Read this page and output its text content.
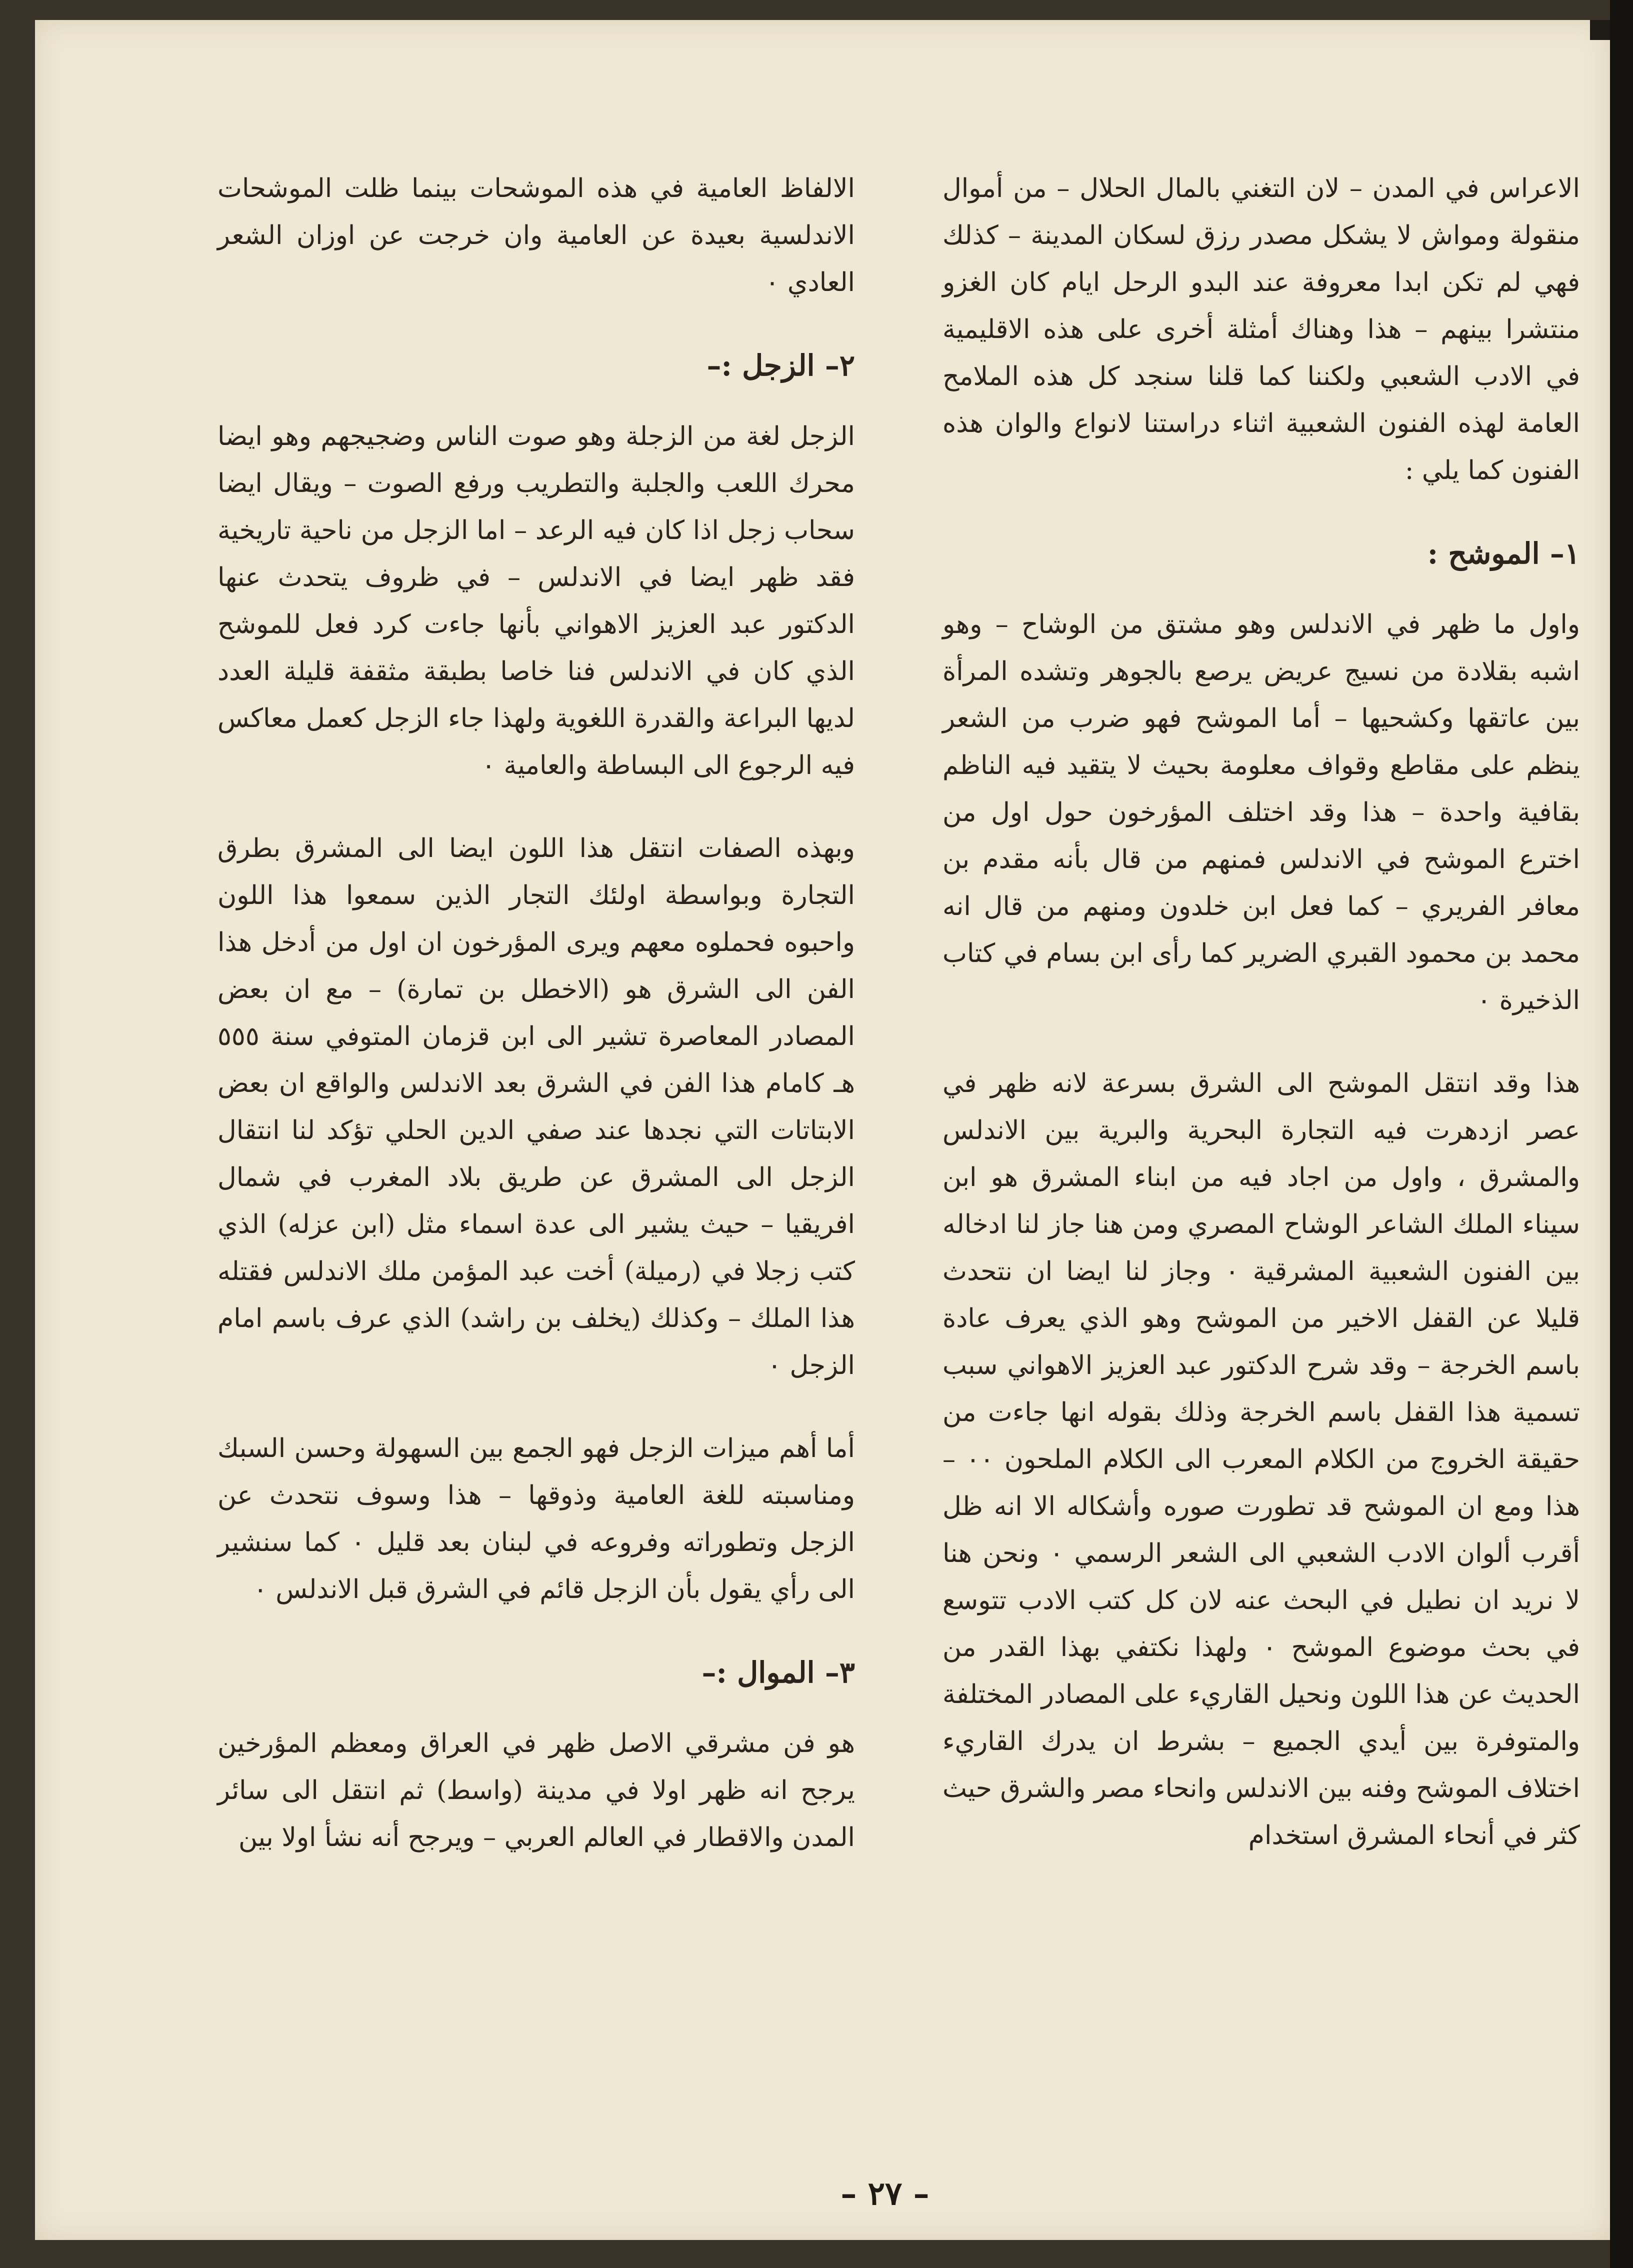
الاعراس في المدن – لان التغني بالمال الحلال – من أموال منقولة ومواش لا يشكل مصدر رزق لسكان المدينة – كذلك فهي لم تكن ابدا معروفة عند البدو الرحل ايام كان الغزو منتشرا بينهم – هذا وهناك أمثلة أخرى على هذه الاقليمية في الادب الشعبي ولكننا كما قلنا سنجد كل هذه الملامح العامة لهذه الفنون الشعبية اثناء دراستنا لانواع والوان هذه الفنون كما يلي :

١– الموشح :

واول ما ظهر في الاندلس وهو مشتق من الوشاح – وهو اشبه بقلادة من نسيج عريض يرصع بالجوهر وتشده المرأة بين عاتقها وكشحيها – أما الموشح فهو ضرب من الشعر ينظم على مقاطع وقواف معلومة بحيث لا يتقيد فيه الناظم بقافية واحدة – هذا وقد اختلف المؤرخون حول اول من اخترع الموشح في الاندلس فمنهم من قال بأنه مقدم بن معافر الفريري – كما فعل ابن خلدون ومنهم من قال انه محمد بن محمود القبري الضرير كما رأى ابن بسام في كتاب الذخيرة ٠

هذا وقد انتقل الموشح الى الشرق بسرعة لانه ظهر في عصر ازدهرت فيه التجارة البحرية والبرية بين الاندلس والمشرق ، واول من اجاد فيه من ابناء المشرق هو ابن سيناء الملك الشاعر الوشاح المصري ومن هنا جاز لنا ادخاله بين الفنون الشعبية المشرقية ٠ وجاز لنا ايضا ان نتحدث قليلا عن القفل الاخير من الموشح وهو الذي يعرف عادة باسم الخرجة – وقد شرح الدكتور عبد العزيز الاهواني سبب تسمية هذا القفل باسم الخرجة وذلك بقوله انها جاءت من حقيقة الخروج من الكلام المعرب الى الكلام الملحون ٠٠ – هذا ومع ان الموشح قد تطورت صوره وأشكاله الا انه ظل أقرب ألوان الادب الشعبي الى الشعر الرسمي ٠ ونحن هنا لا نريد ان نطيل في البحث عنه لان كل كتب الادب تتوسع في بحث موضوع الموشح ٠ ولهذا نكتفي بهذا القدر من الحديث عن هذا اللون ونحيل القاريء على المصادر المختلفة والمتوفرة بين أيدي الجميع – بشرط ان يدرك القاريء اختلاف الموشح وفنه بين الاندلس وانحاء مصر والشرق حيث كثر في أنحاء المشرق استخدام

الالفاظ العامية في هذه الموشحات بينما ظلت الموشحات الاندلسية بعيدة عن العامية وان خرجت عن اوزان الشعر العادي ٠

٢– الزجل :–

الزجل لغة من الزجلة وهو صوت الناس وضجيجهم وهو ايضا محرك اللعب والجلبة والتطريب ورفع الصوت – ويقال ايضا سحاب زجل اذا كان فيه الرعد – اما الزجل من ناحية تاريخية فقد ظهر ايضا في الاندلس – في ظروف يتحدث عنها الدكتور عبد العزيز الاهواني بأنها جاءت كرد فعل للموشح الذي كان في الاندلس فنا خاصا بطبقة مثقفة قليلة العدد لديها البراعة والقدرة اللغوية ولهذا جاء الزجل كعمل معاكس فيه الرجوع الى البساطة والعامية ٠

وبهذه الصفات انتقل هذا اللون ايضا الى المشرق بطرق التجارة وبواسطة اولئك التجار الذين سمعوا هذا اللون واحبوه فحملوه معهم ويرى المؤرخون ان اول من أدخل هذا الفن الى الشرق هو (الاخطل بن تمارة) – مع ان بعض المصادر المعاصرة تشير الى ابن قزمان المتوفي سنة ٥٥٥ هـ كامام هذا الفن في الشرق بعد الاندلس والواقع ان بعض الابتاتات التي نجدها عند صفي الدين الحلي تؤكد لنا انتقال الزجل الى المشرق عن طريق بلاد المغرب في شمال افريقيا – حيث يشير الى عدة اسماء مثل (ابن عزله) الذي كتب زجلا في (رميلة) أخت عبد المؤمن ملك الاندلس فقتله هذا الملك – وكذلك (يخلف بن راشد) الذي عرف باسم امام الزجل ٠

أما أهم ميزات الزجل فهو الجمع بين السهولة وحسن السبك ومناسبته للغة العامية وذوقها – هذا وسوف نتحدث عن الزجل وتطوراته وفروعه في لبنان بعد قليل ٠ كما سنشير الى رأي يقول بأن الزجل قائم في الشرق قبل الاندلس ٠

٣– الموال :–

هو فن مشرقي الاصل ظهر في العراق ومعظم المؤرخين يرجح انه ظهر اولا في مدينة (واسط) ثم انتقل الى سائر المدن والاقطار في العالم العربي – ويرجح أنه نشأ اولا بين

– ٢٧ –
